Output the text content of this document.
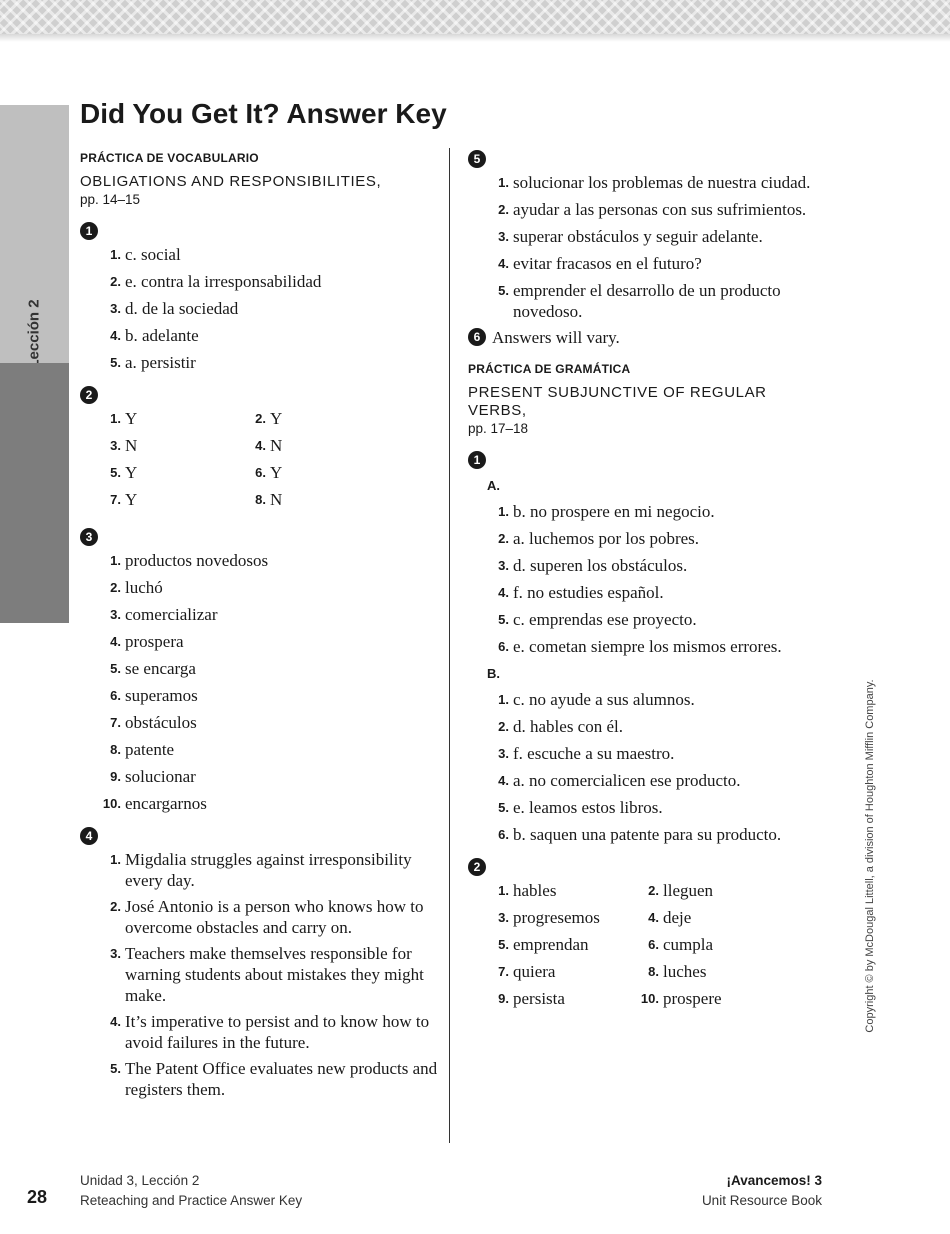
Reteaching and Practice Answer Key	Copyright © by McDougal Littell, a division of Houghton Mifflin Company.
Did You Get It? Answer Key
PRÁCTICA DE VOCABULARIO
OBLIGATIONS AND RESPONSIBILITIES,
pp. 14–15
1
1. c. social
2. e. contra la irresponsabilidad
3. d. de la sociedad
4. b. adelante
5. a. persistir
2
1. Y	2. Y
3. N	4. N
5. Y	6. Y
7. Y	8. N
3
1. productos novedosos
2. luchó
3. comercializar
4. prospera
5. se encarga
6. superamos
7. obstáculos
8. patente
9. solucionar
10. encargarnos
4
1. Migdalia struggles against irresponsibility every day.
2. José Antonio is a person who knows how to overcome obstacles and carry on.
3. Teachers make themselves responsible for warning students about mistakes they might make.
4. It’s imperative to persist and to know how to avoid failures in the future.
5. The Patent Office evaluates new products and registers them.
5
1. solucionar los problemas de nuestra ciudad.
2. ayudar a las personas con sus sufrimientos.
3. superar obstáculos y seguir adelante.
4. evitar fracasos en el futuro?
5. emprender el desarrollo de un producto novedoso.
6 Answers will vary.
PRÁCTICA DE GRAMÁTICA
PRESENT SUBJUNCTIVE OF REGULAR VERBS,
pp. 17–18
1
A.
1. b. no prospere en mi negocio.
2. a. luchemos por los pobres.
3. d. superen los obstáculos.
4. f. no estudies español.
5. c. emprendas ese proyecto.
6. e. cometan siempre los mismos errores.
B.
1. c. no ayude a sus alumnos.
2. d. hables con él.
3. f. escuche a su maestro.
4. a. no comercialicen ese producto.
5. e. leamos estos libros.
6. b. saquen una patente para su producto.
2
1. hables	2. lleguen
3. progresemos	4. deje
5. emprendan	6. cumpla
7. quiera	8. luches
9. persista	10. prospere
28
Unidad 3, Lección 2
Reteaching and Practice Answer Key
¡Avancemos! 3
Unit Resource Book
